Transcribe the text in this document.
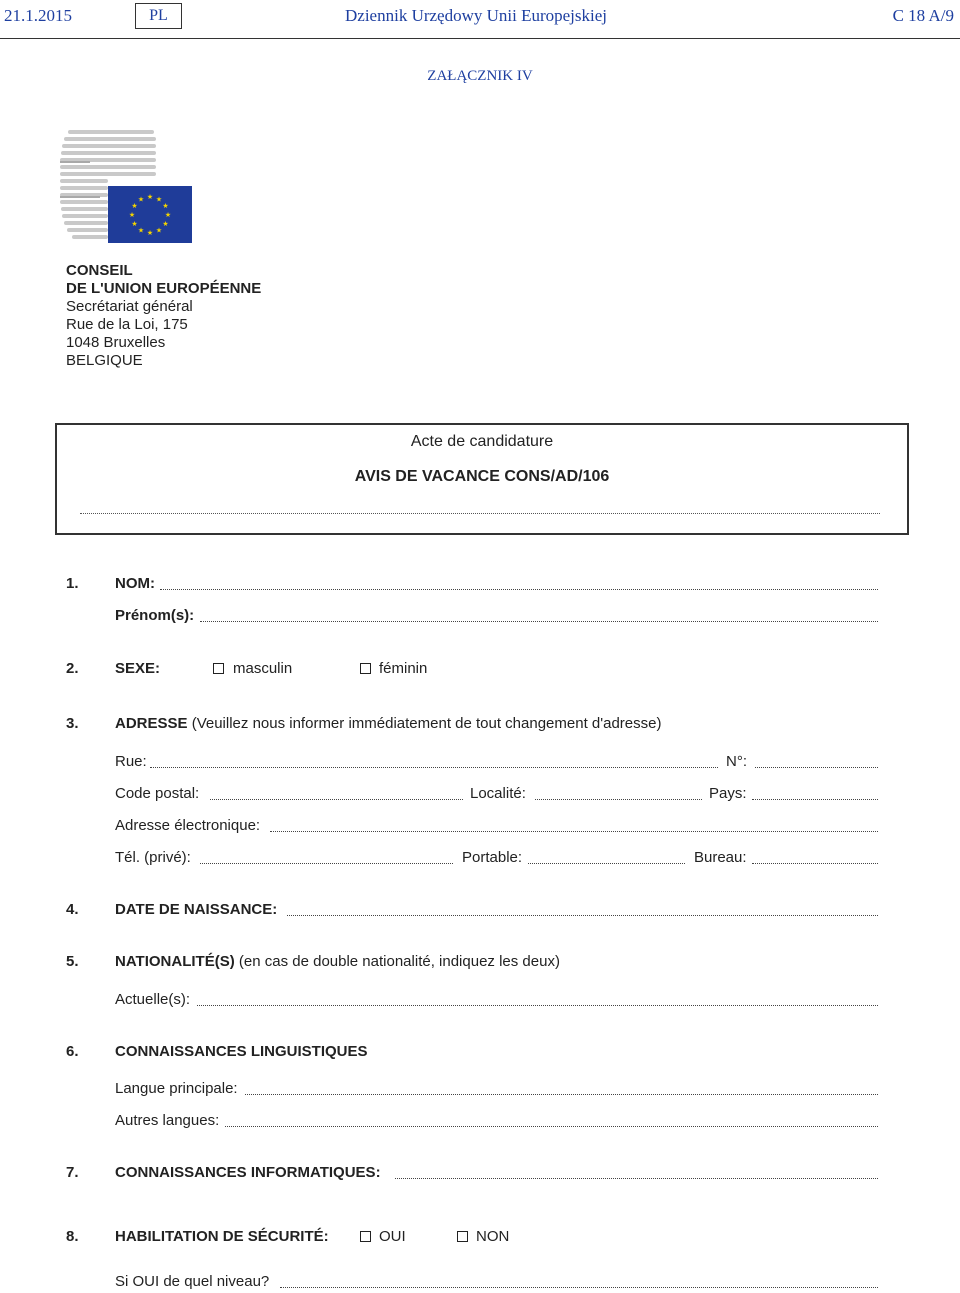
21.1.2015	PL	Dziennik Urzędowy Unii Europejskiej	C 18 A/9
ZAŁĄCZNIK IV
★ ★
★
★
★
★
★
★
★
★
★
★
CONSEIL
DE L'UNION EUROPÉENNE
Secrétariat général
Rue de la Loi, 175
1048 Bruxelles
BELGIQUE
Acte de candidature
AVIS DE VACANCE CONS/AD/106
1. NOM:
Prénom(s):
2. SEXE:	masculin	féminin
3. ADRESSE (Veuillez nous informer immédiatement de tout changement d'adresse)
Rue:	N°:
Code postal:	Localité:	Pays:
Adresse électronique:
Tél. (privé):	Portable:	Bureau:
4. DATE DE NAISSANCE:
5. NATIONALITÉ(S) (en cas de double nationalité, indiquez les deux)
Actuelle(s):
6. CONNAISSANCES LINGUISTIQUES
Langue principale:
Autres langues:
7. CONNAISSANCES INFORMATIQUES:
8. HABILITATION DE SÉCURITÉ:	OUI	NON
Si OUI de quel niveau?
